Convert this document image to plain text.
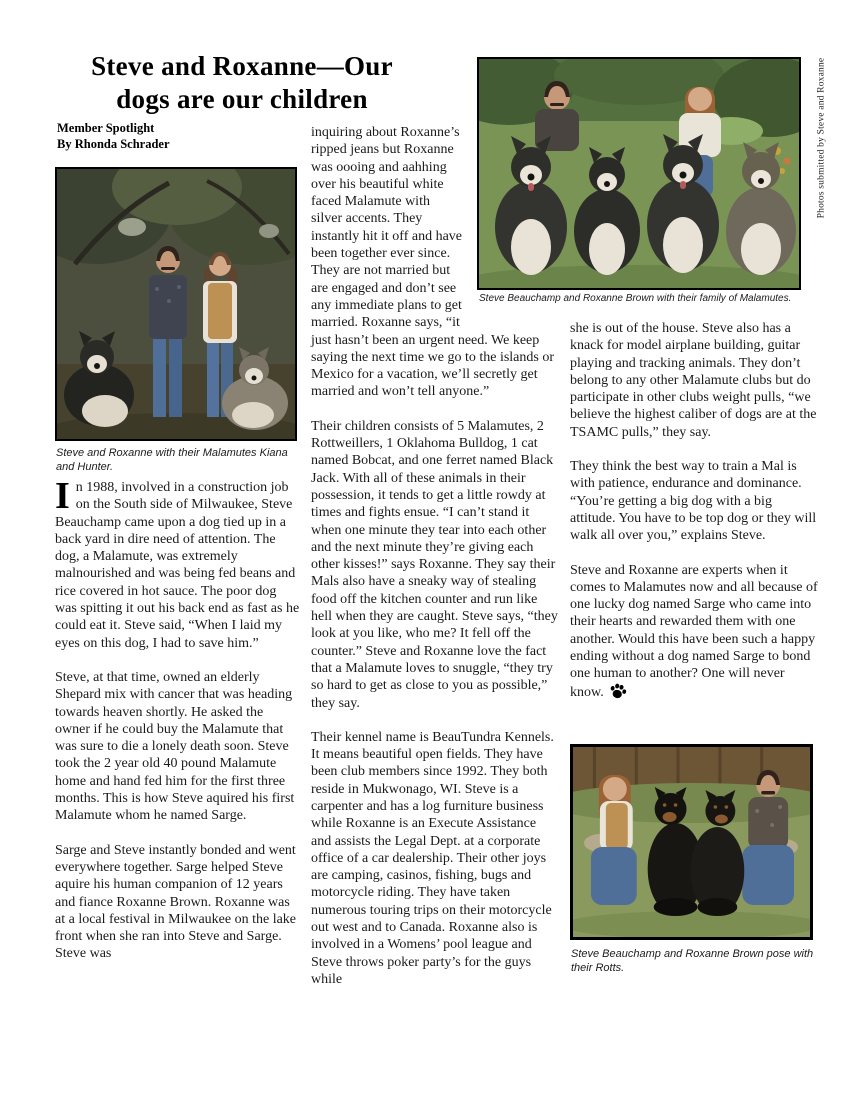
Steve and Roxanne—Our
dogs are our children
Member Spotlight
By Rhonda Schrader
Steve and Roxanne with their Malamutes Kiana and Hunter.
Steve Beauchamp and Roxanne Brown with their family of Malamutes.

In 1988, involved in a construction job on the South side of Milwaukee, Steve Beauchamp came upon a dog tied up in a back yard in dire need of attention. The dog, a Malamute, was extremely malnourished and was being fed beans and rice covered in hot sauce. The poor dog was spitting it out his back end as fast as he could eat it. Steve said, “When I laid my eyes on this dog, I had to save him.”

Steve, at that time, owned an elderly Shepard mix with cancer that was heading towards heaven shortly. He asked the owner if he could buy the Malamute that was sure to die a lonely death soon. Steve took the 2 year old 40 pound Malamute home and hand fed him for the first three months. This is how Steve aquired his first Malamute whom he named Sarge.

Sarge and Steve instantly bonded and went everywhere together. Sarge helped Steve aquire his human companion of 12 years and fiance Roxanne Brown. Roxanne was at a local festival in Milwaukee on the lake front when she ran into Steve and Sarge. Steve was

inquiring about Roxanne’s ripped jeans but Roxanne was oooing and aahhing over his beautiful white faced Malamute with silver accents. They instantly hit it off and have been together ever since. They are not married but are engaged and don’t see any immediate plans to get married. Roxanne says, “it just hasn’t been an urgent need. We keep saying the next time we go to the islands or Mexico for a vacation, we’ll secretly get married and won’t tell anyone.”

Their children consists of 5 Malamutes, 2 Rottweillers, 1 Oklahoma Bulldog, 1 cat named Bobcat, and one ferret named Black Jack. With all of these animals in their possession, it tends to get a little rowdy at times and fights ensue. “I can’t stand it when one minute they tear into each other and the next minute they’re giving each other kisses!” says Roxanne. They say their Mals also have a sneaky way of stealing food off the kitchen counter and run like hell when they are caught. Steve says, “they look at you like, who me? It fell off the counter.” Steve and Roxanne love the fact that a Malamute loves to snuggle, “they try so hard to get as close to you as possible,” they say.

Their kennel name is BeauTundra Kennels. It means beautiful open fields. They have been club members since 1992. They both reside in Mukwonago, WI. Steve is a carpenter and has a log furniture business while Roxanne is an Execute Assistance and assists the Legal Dept. at a corporate office of a car dealership. Their other joys are camping, casinos, fishing, bugs and motorcycle riding. They have taken numerous touring trips on their motorcycle out west and to Canada. Roxanne also is involved in a Womens’ pool league and Steve throws poker party’s for the guys while

she is out of the house. Steve also has a knack for model airplane building, guitar playing and tracking animals. They don’t belong to any other Malamute clubs but do participate in other clubs weight pulls, “we believe the highest caliber of dogs are at the TSAMC pulls,” they say.

They think the best way to train a Mal is with patience, endurance and dominance. “You’re getting a big dog with a big attitude. You have to be top dog or they will walk all over you,” explains Steve.

Steve and Roxanne are experts when it comes to Malamutes now and all because of one lucky dog named Sarge who came into their hearts and rewarded them with one another. Would this have been such a happy ending without a dog named Sarge to bond one human to another? One will never know.

Steve Beauchamp and Roxanne Brown pose with their Rotts.
Photos submitted by Steve and Roxanne
